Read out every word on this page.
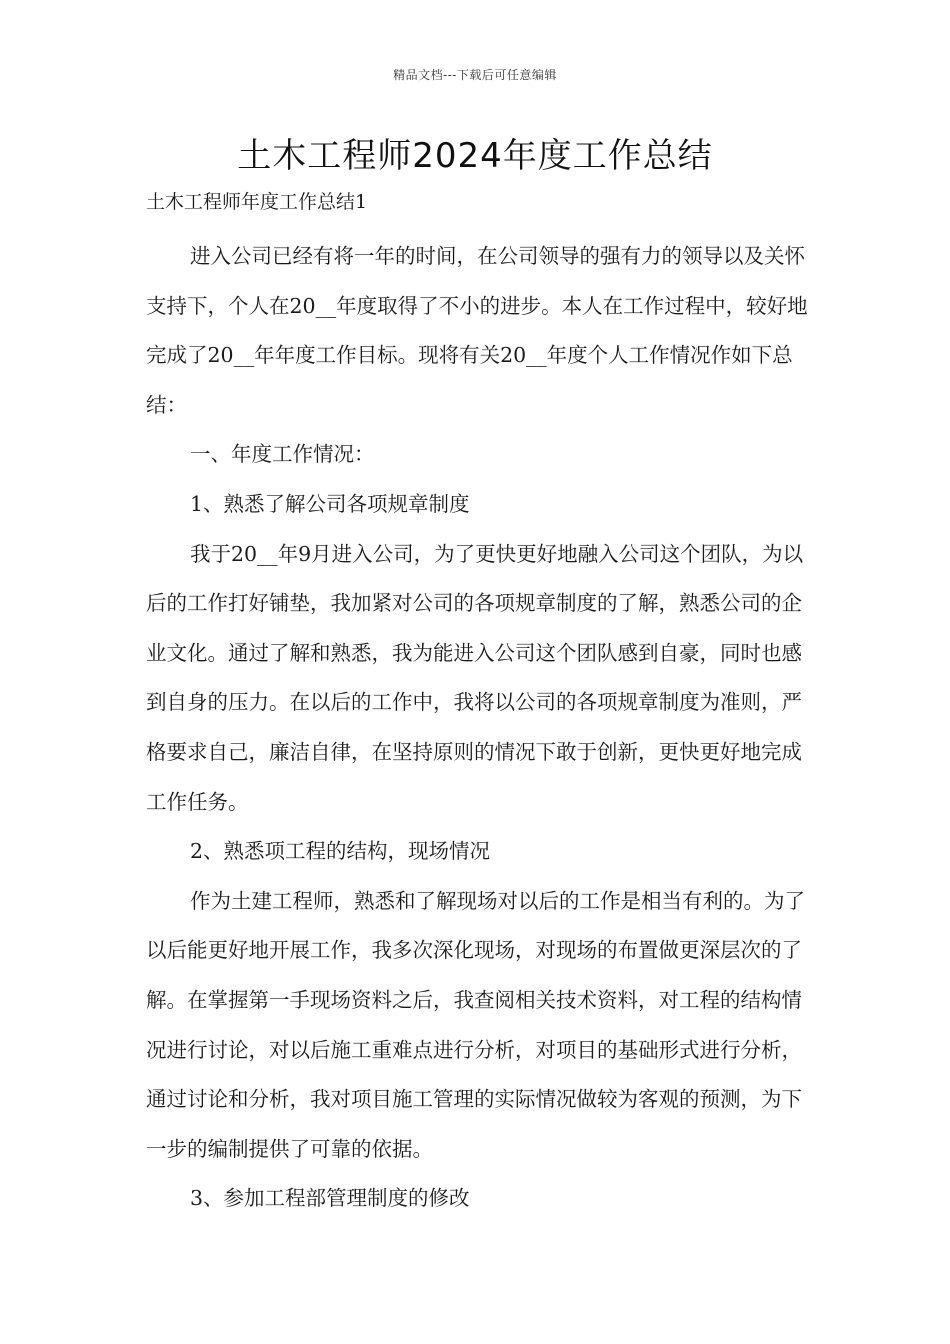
精品文档---下载后可任意编辑
土木工程师2024年度工作总结
土木工程师年度工作总结1

进入公司已经有将一年的时间，在公司领导的强有力的领导以及关怀支持下，个人在20__年度取得了不小的进步。本人在工作过程中，较好地完成了20__年年度工作目标。现将有关20__年度个人工作情况作如下总结：

一、年度工作情况：

1、熟悉了解公司各项规章制度

我于20__年9月进入公司，为了更快更好地融入公司这个团队，为以后的工作打好铺垫，我加紧对公司的各项规章制度的了解，熟悉公司的企业文化。通过了解和熟悉，我为能进入公司这个团队感到自豪，同时也感到自身的压力。在以后的工作中，我将以公司的各项规章制度为准则，严格要求自己，廉洁自律，在坚持原则的情况下敢于创新，更快更好地完成工作任务。

2、熟悉项工程的结构，现场情况

作为土建工程师，熟悉和了解现场对以后的工作是相当有利的。为了以后能更好地开展工作，我多次深化现场，对现场的布置做更深层次的了解。在掌握第一手现场资料之后，我查阅相关技术资料，对工程的结构情况进行讨论，对以后施工重难点进行分析，对项目的基础形式进行分析，通过讨论和分析，我对项目施工管理的实际情况做较为客观的预测，为下一步的编制提供了可靠的依据。

3、参加工程部管理制度的修改
